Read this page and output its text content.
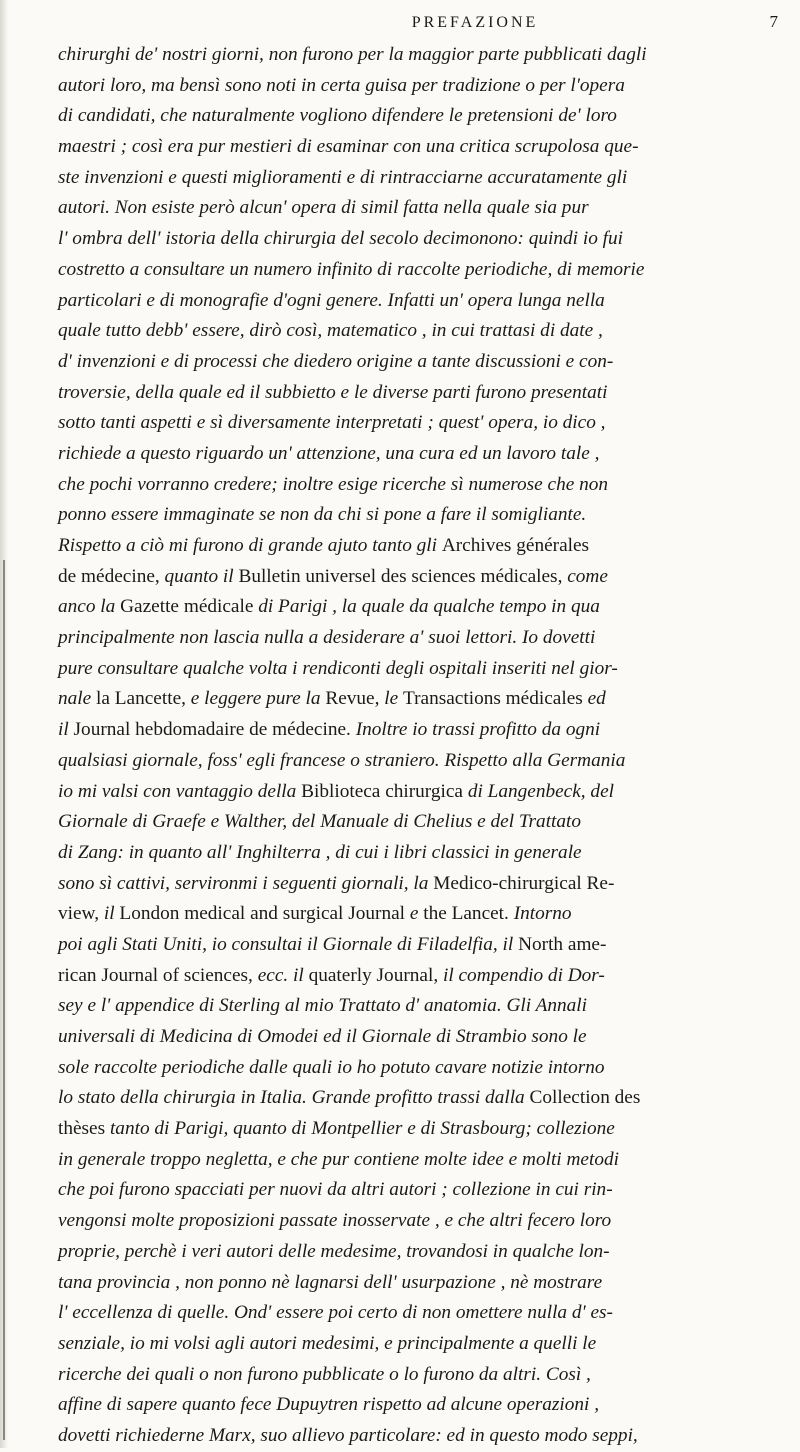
PREFAZIONE	7
chirurghi de' nostri giorni, non furono per la maggior parte pubblicati dagli
autori loro, ma bensì sono noti in certa guisa per tradizione o per l'opera
di candidati, che naturalmente vogliono difendere le pretensioni de' loro
maestri ; così era pur mestieri di esaminar con una critica scrupolosa que-
ste invenzioni e questi miglioramenti e di rintracciarne accuratamente gli
autori. Non esiste però alcun' opera di simil fatta nella quale sia pur
l' ombra dell' istoria della chirurgia del secolo decimonono: quindi io fui
costretto a consultare un numero infinito di raccolte periodiche, di memorie
particolari e di monografie d'ogni genere. Infatti un' opera lunga nella
quale tutto debb' essere, dirò così, matematico , in cui trattasi di date ,
d' invenzioni e di processi che diedero origine a tante discussioni e con-
troversie, della quale ed il subbietto e le diverse parti furono presentati
sotto tanti aspetti e sì diversamente interpretati ; quest' opera, io dico ,
richiede a questo riguardo un' attenzione, una cura ed un lavoro tale ,
che pochi vorranno credere; inoltre esige ricerche sì numerose che non
ponno essere immaginate se non da chi si pone a fare il somigliante.
Rispetto a ciò mi furono di grande ajuto tanto gli Archives générales
de médecine, quanto il Bulletin universel des sciences médicales, come
anco la Gazette médicale di Parigi , la quale da qualche tempo in qua
principalmente non lascia nulla a desiderare a' suoi lettori. Io dovetti
pure consultare qualche volta i rendiconti degli ospitali inseriti nel gior-
nale la Lancette, e leggere pure la Revue, le Transactions médicales ed
il Journal hebdomadaire de médecine. Inoltre io trassi profitto da ogni
qualsiasi giornale, foss' egli francese o straniero. Rispetto alla Germania
io mi valsi con vantaggio della Biblioteca chirurgica di Langenbeck, del
Giornale di Graefe e Walther, del Manuale di Chelius e del Trattato
di Zang: in quanto all' Inghilterra , di cui i libri classici in generale
sono sì cattivi, servironmi i seguenti giornali, la Medico-chirurgical Re-
view, il London medical and surgical Journal e the Lancet. Intorno
poi agli Stati Uniti, io consultai il Giornale di Filadelfia, il North ame-
rican Journal of sciences, ecc. il quaterly Journal, il compendio di Dor-
sey e l' appendice di Sterling al mio Trattato d' anatomia. Gli Annali
universali di Medicina di Omodei ed il Giornale di Strambio sono le
sole raccolte periodiche dalle quali io ho potuto cavare notizie intorno
lo stato della chirurgia in Italia. Grande profitto trassi dalla Collection des
thèses tanto di Parigi, quanto di Montpellier e di Strasbourg; collezione
in generale troppo negletta, e che pur contiene molte idee e molti metodi
che poi furono spacciati per nuovi da altri autori ; collezione in cui rin-
vengonsi molte proposizioni passate inosservate , e che altri fecero loro
proprie, perchè i veri autori delle medesime, trovandosi in qualche lon-
tana provincia , non ponno nè lagnarsi dell' usurpazione , nè mostrare
l' eccellenza di quelle. Ond' essere poi certo di non omettere nulla d' es-
senziale, io mi volsi agli autori medesimi, e principalmente a quelli le
ricerche dei quali o non furono pubblicate o lo furono da altri. Così ,
affine di sapere quanto fece Dupuytren rispetto ad alcune operazioni ,
dovetti richiederne Marx, suo allievo particolare: ed in questo modo seppi,
